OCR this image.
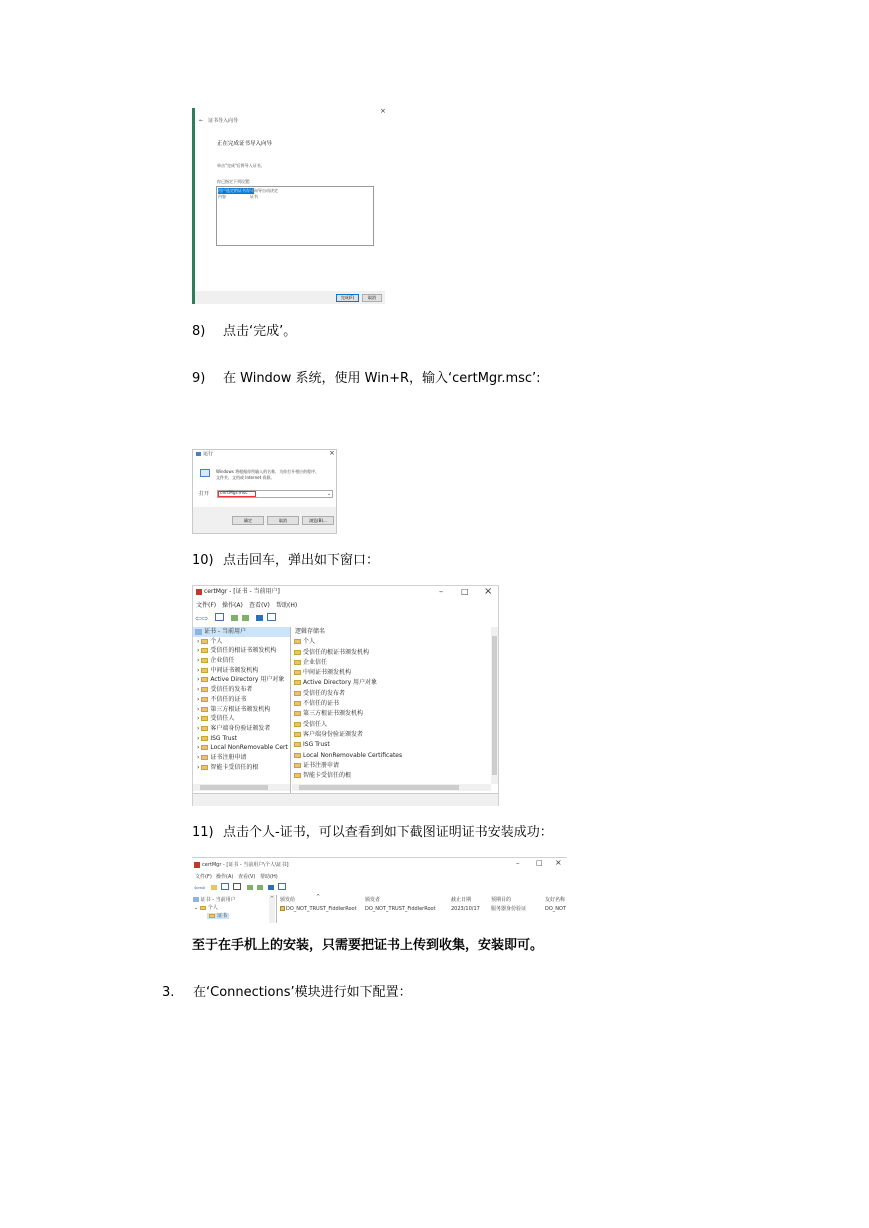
×
← 证书导入向导
正在完成证书导入向导
单击"完成"后将导入证书。
你已指定下列设置:
用户选定的证书存储
由向导自动决定
内容	证书
完成(F)	取消
8) 点击‘完成’。
9) 在 Window 系统，使用 Win+R，输入‘certMgr.msc’:
运行	×
Windows 将根据你所输入的名称，为你打开相应的程序、
文件夹、文档或 Internet 资源。
打开 certMgr.msc	⌄
确定	取消	浏览(B)...
10) 点击回车，弹出如下窗口：
certMgr - [证书 - 当前用户]	– □ ×
文件(F) 操作(A) 查看(V) 帮助(H)
⇦⇨
证书 - 当前用户
› 个人
› 受信任的根证书颁发机构
› 企业信任
› 中间证书颁发机构
› Active Directory 用户对象
› 受信任的发布者
› 不信任的证书
› 第三方根证书颁发机构
› 受信任人
› 客户端身份验证颁发者
› ISG Trust
› Local NonRemovable Cert
› 证书注册申请
› 智能卡受信任的根
逻辑存储名
个人
受信任的根证书颁发机构
企业信任
中间证书颁发机构
Active Directory 用户对象
受信任的发布者
不信任的证书
第三方根证书颁发机构
受信任人
客户端身份验证颁发者
ISG Trust
Local NonRemovable Certificates
证书注册申请
智能卡受信任的根
11) 点击个人-证书，可以查看到如下截图证明证书安装成功：
certMgr - [证书 - 当前用户\个人\证书]	– □ ×
文件(F) 操作(A) 查看(V) 帮助(H)
⇦⇨
证书 - 当前用户
⌄ 个人
证书
^ 颁发给	^	颁发者	截止日期	预期目的	友好名称
DO_NOT_TRUST_FiddlerRoot DO_NOT_TRUST_FiddlerRoot	2023/10/17 服务器身份验证	DO_NOT
至于在手机上的安装，只需要把证书上传到收集，安装即可。
3. 在‘Connections’模块进行如下配置：
